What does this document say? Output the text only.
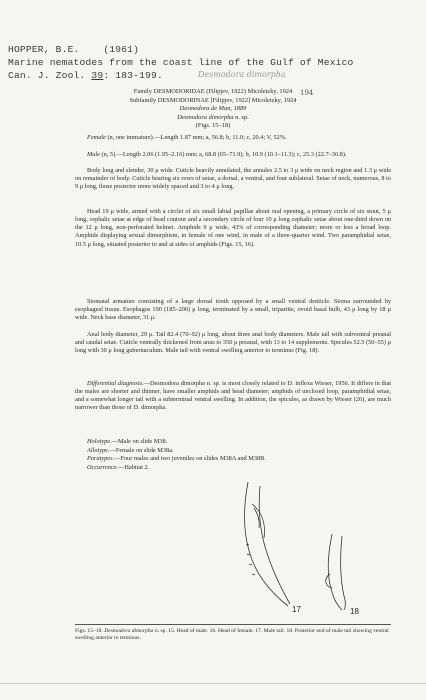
HOPPER, B.E. (1961)
Marine nematodes from the coast line of the Gulf of Mexico
Can. J. Zool. 39: 183-199.	Desmodora dimorpha
194
Family DESMODORIDAE (Filipjev, 1922) Micoletzky, 1924
Subfamily DESMODORINAE [Filipjev, 1922] Micoletzky, 1924
Desmodora de Man, 1889
Desmodora dimorpha n. sp.
(Figs. 15–18)
Female (n, one immature).—Length 1.87 mm; a, 56.8; b, 11.0; c, 20.4; V, 52%.
Male (n, 5).—Length 2.06 (1.95–2.16) mm; a, 68.8 (65–71.9); b, 10.9 (10.1–11.3); c, 25.3 (22.7–30.8).
Body long and slender, 30 μ wide. Cuticle heavily annulated, the annules 2.5 to 3 μ wide on neck region and 1.3 μ wide on remainder of body. Cuticle bearing six rows of setae, a dorsal, a ventral, and four sublateral. Setae of neck, numerous, 8 to 9 μ long, those posterior more widely spaced and 3 to 4 μ long.
Head 19 μ wide, armed with a circlet of six small labial papillae about oral opening, a primary circle of six stout, 5 μ long, cephalic setae at edge of head contour and a secondary circle of four 10 μ long cephalic setae about one-third down on the 12 μ long, non-perforated helmet. Amphids 9 μ wide, 43% of corresponding diameter; more or less a broad loop. Amphids displaying sexual dimorphism, in female of one wind, in male of a three-quarter wind. Two paramphidial setae, 10.5 μ long, situated posterior to and at sides of amphids (Figs. 15, 16).
Stomatal armature consisting of a large dorsal tooth opposed by a small ventral denticle. Stoma surrounded by esophageal tissue. Esophagus 190 (185–200) μ long, terminated by a small, tripartite, ovoid basal bulb, 43 μ long by 18 μ wide. Neck base diameter, 31 μ.
Anal body diameter, 29 μ. Tail 82.4 (70–92) μ long, about three anal body diameters. Male tail with subventral preanal and caudal setae. Cuticle ventrally thickened from anus to 350 μ preanal, with 13 to 14 supplements. Spicules 52.5 (50–55) μ long with 30 μ long gubernaculum. Male tail with ventral swelling anterior to terminus (Fig. 18).
Differential diagnosis.—Desmodora dimorpha n. sp. is most closely related to D. inflexa Wieser, 1956. It differs in that the males are shorter and thinner, have smaller amphids and head diameter, amphids of unclosed loop, paramphidial setae, and a somewhat longer tail with a subterminal ventral swelling. In addition, the spicules, as drawn by Wieser (26), are much narrower than those of D. dimorpha.
Holotype.—Male on slide M38.
Allotype.—Female on slide M38a.
Paratypes.—Four males and two juveniles on slides M38A and M38B.
Occurrence.—Habitat 2.
17	18
Figs. 15–18. Desmodora dimorpha n. sp. 15. Head of male. 16. Head of female. 17. Male tail. 18. Posterior end of male tail showing ventral swelling anterior to terminus.
